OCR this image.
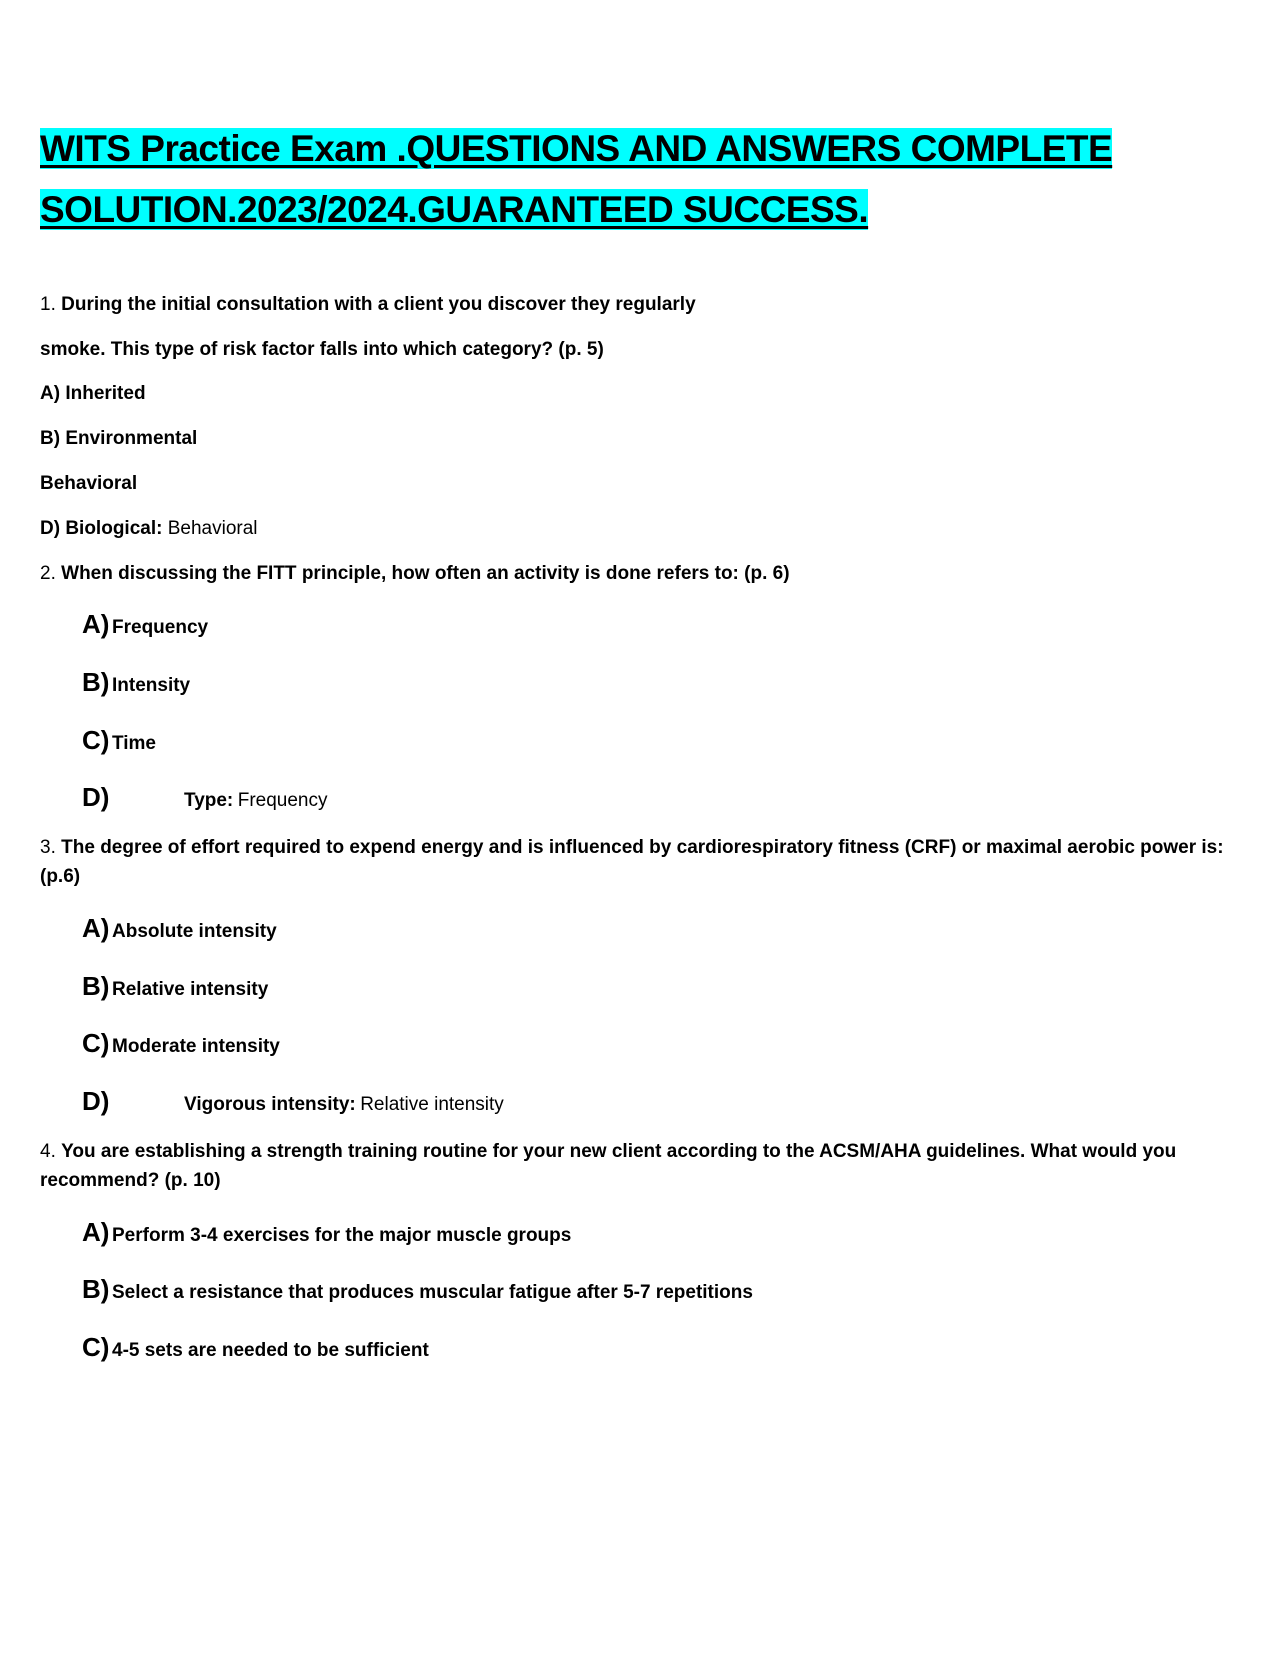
WITS Practice Exam .QUESTIONS AND ANSWERS COMPLETE
SOLUTION.2023/2024.GUARANTEED SUCCESS.

1. During the initial consultation with a client you discover they regularly

smoke. This type of risk factor falls into which category? (p. 5)

A) Inherited

B) Environmental

Behavioral

D) Biological: Behavioral

2. When discussing the FITT principle, how often an activity is done refers to: (p. 6)

A) Frequency

B) Intensity

C) Time

D)	Type: Frequency

3. The degree of effort required to expend energy and is influenced by cardiorespiratory fitness (CRF) or maximal aerobic power is: (p.6)

A) Absolute intensity

B) Relative intensity

C) Moderate intensity

D)	Vigorous intensity: Relative intensity

4. You are establishing a strength training routine for your new client according to the ACSM/AHA guidelines. What would you recommend? (p. 10)

A) Perform 3-4 exercises for the major muscle groups

B) Select a resistance that produces muscular fatigue after 5-7 repetitions

C) 4-5 sets are needed to be sufficient
